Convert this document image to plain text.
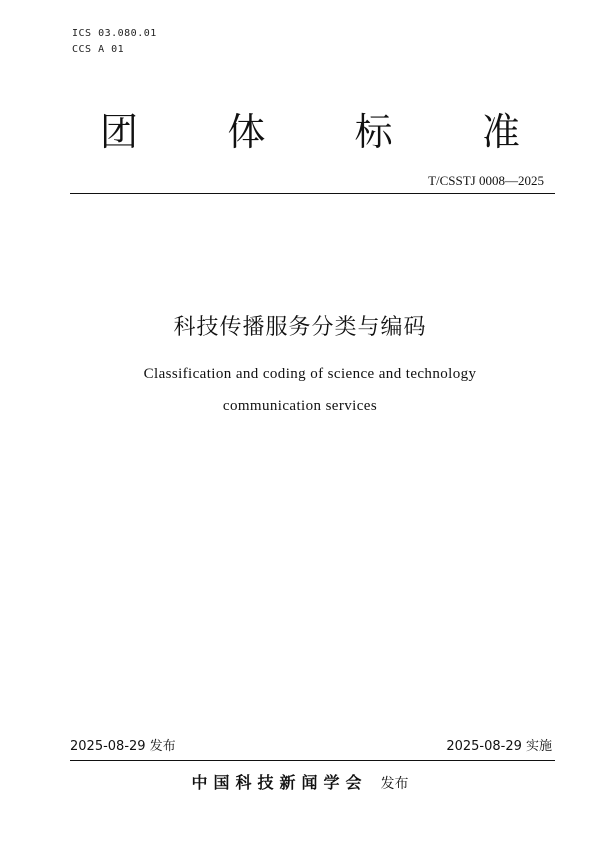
ICS 03.080.01
CCS A 01
团 体 标 准
T/CSSTJ 0008—2025
科技传播服务分类与编码
Classification and coding of science and technology
communication services
2025-08-29 发布	2025-08-29 实施
中国科技新闻学会 发布
